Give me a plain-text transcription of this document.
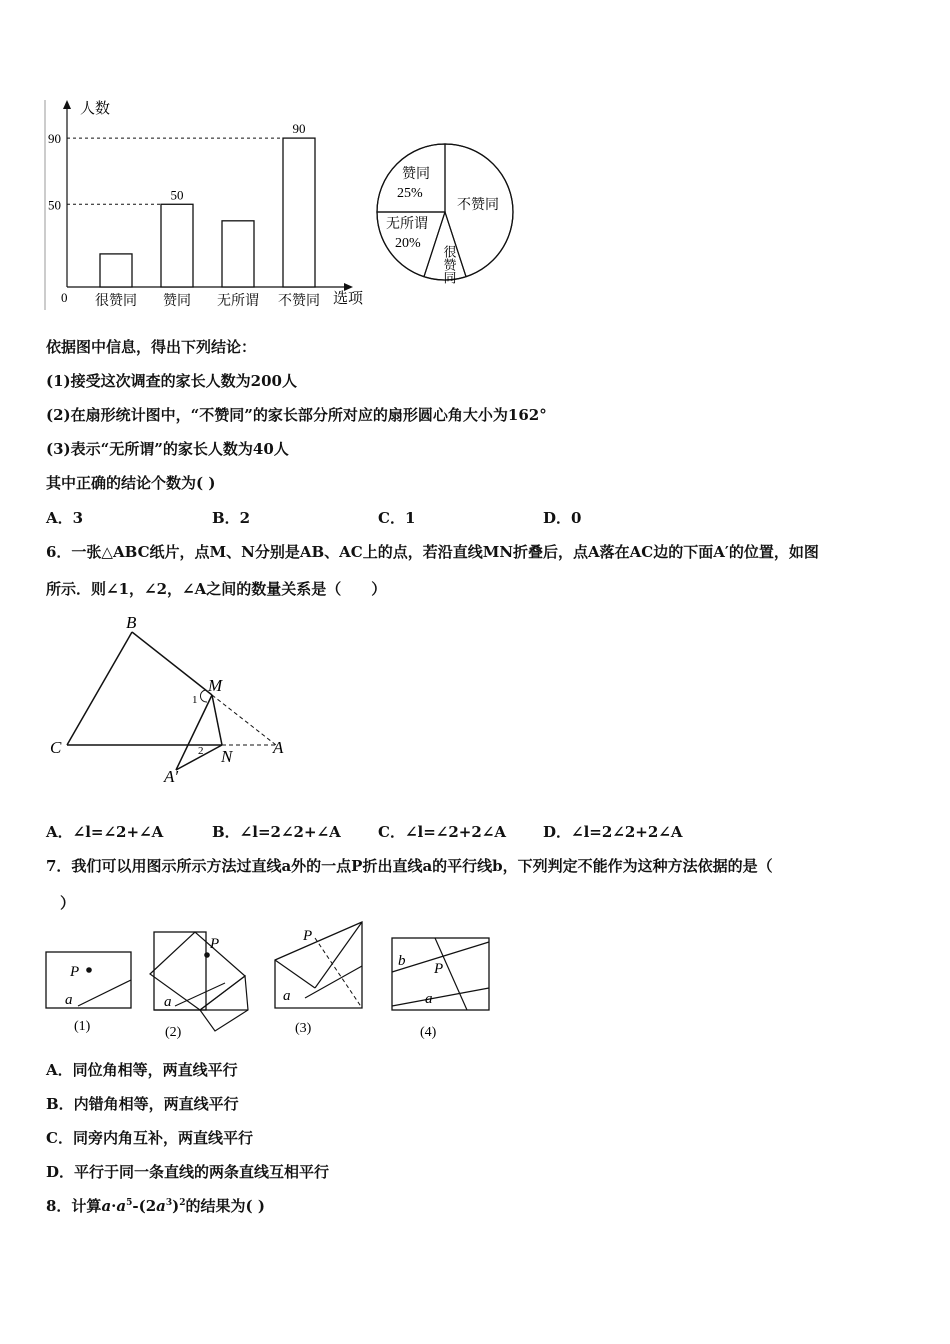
人数
选项
0
50
90
很赞同 赞同
50
无所谓 不赞同
90
赞同
25%
不赞同
无所谓
20%
很赞同
依据图中信息，得出下列结论：
(1)接受这次调查的家长人数为200人
(2)在扇形统计图中，“不赞同”的家长部分所对应的扇形圆心角大小为162°
(3)表示“无所谓”的家长人数为40人
其中正确的结论个数为( )
A．3	B．2	C．1	D．0
6．一张△ABC纸片，点M、N分别是AB、AC上的点，若沿直线MN折叠后，点A落在AC边的下面A′的位置，如图
所示．则∠1，∠2，∠A之间的数量关系是（　　）
B
M
C	A
N
A′
1
2
A．∠l=∠2+∠A	B．∠l=2∠2+∠A C．∠l=∠2+2∠A D．∠l=2∠2+2∠A
7．我们可以用图示所示方法过直线a外的一点P折出直线a的平行线b，下列判定不能作为这种方法依据的是（
）
P
a
(1)
P
a
(2)
P
a
(3)
b P
a
(4)
A．同位角相等，两直线平行
B．内错角相等，两直线平行
C．同旁内角互补，两直线平行
D．平行于同一条直线的两条直线互相平行
8．计算$a\cdot a^5-(2a^3)^2$的结果为( )
